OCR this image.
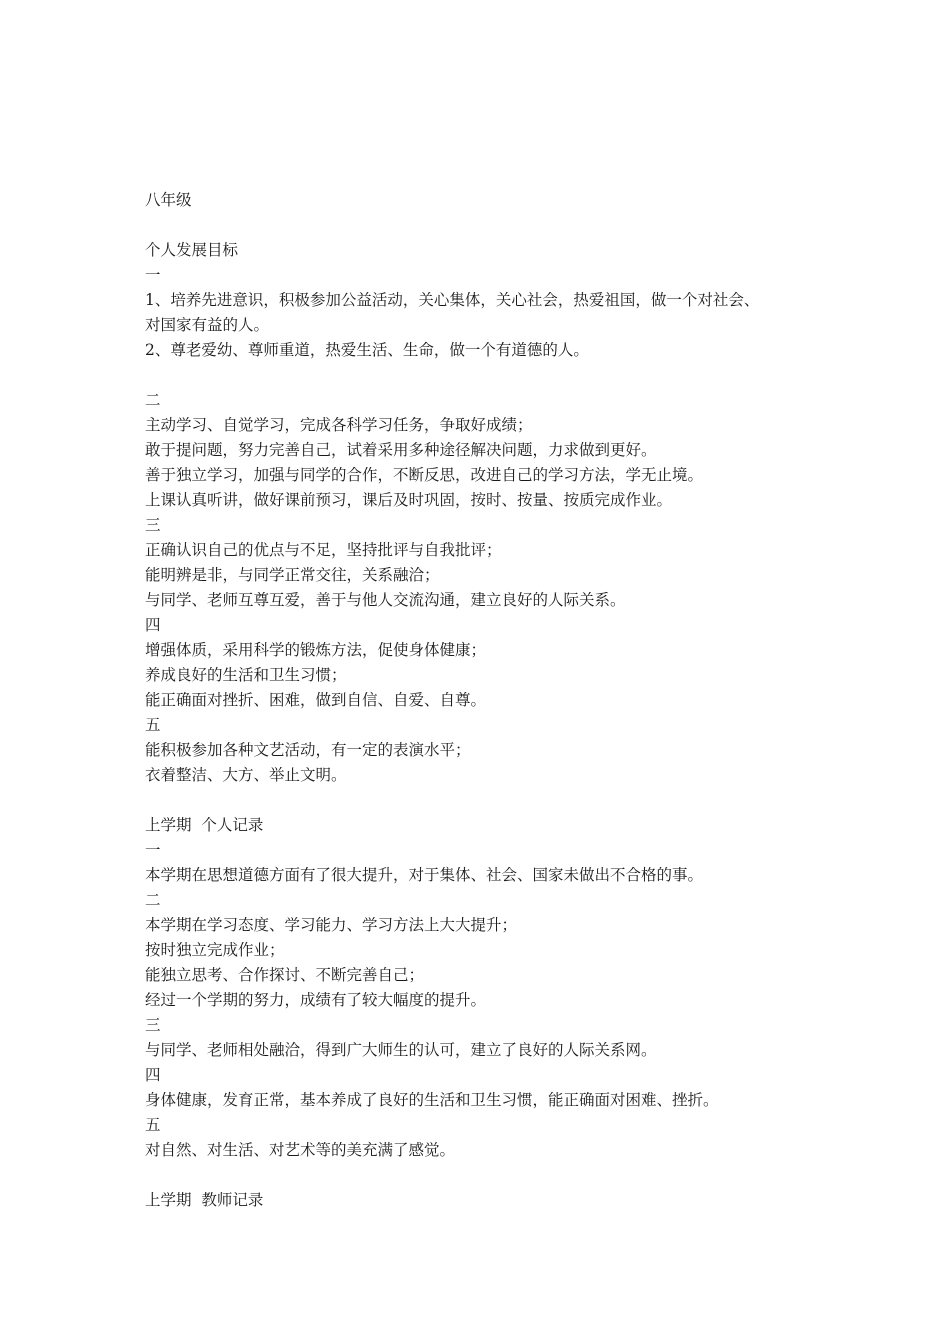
八年级
个人发展目标
一
1、培养先进意识，积极参加公益活动，关心集体，关心社会，热爱祖国，做一个对社会、
对国家有益的人。
2、尊老爱幼、尊师重道，热爱生活、生命，做一个有道德的人。
二
主动学习、自觉学习，完成各科学习任务，争取好成绩；
敢于提问题，努力完善自己，试着采用多种途径解决问题，力求做到更好。
善于独立学习，加强与同学的合作，不断反思，改进自己的学习方法，学无止境。
上课认真听讲，做好课前预习，课后及时巩固，按时、按量、按质完成作业。
三
正确认识自己的优点与不足，坚持批评与自我批评；
能明辨是非，与同学正常交往，关系融洽；
与同学、老师互尊互爱，善于与他人交流沟通，建立良好的人际关系。
四
增强体质，采用科学的锻炼方法，促使身体健康；
养成良好的生活和卫生习惯；
能正确面对挫折、困难，做到自信、自爱、自尊。
五
能积极参加各种文艺活动，有一定的表演水平；
衣着整洁、大方、举止文明。
上学期  个人记录
一
本学期在思想道德方面有了很大提升，对于集体、社会、国家未做出不合格的事。
二
本学期在学习态度、学习能力、学习方法上大大提升；
按时独立完成作业；
能独立思考、合作探讨、不断完善自己；
经过一个学期的努力，成绩有了较大幅度的提升。
三
与同学、老师相处融洽，得到广大师生的认可，建立了良好的人际关系网。
四
身体健康，发育正常，基本养成了良好的生活和卫生习惯，能正确面对困难、挫折。
五
对自然、对生活、对艺术等的美充满了感觉。
上学期  教师记录
